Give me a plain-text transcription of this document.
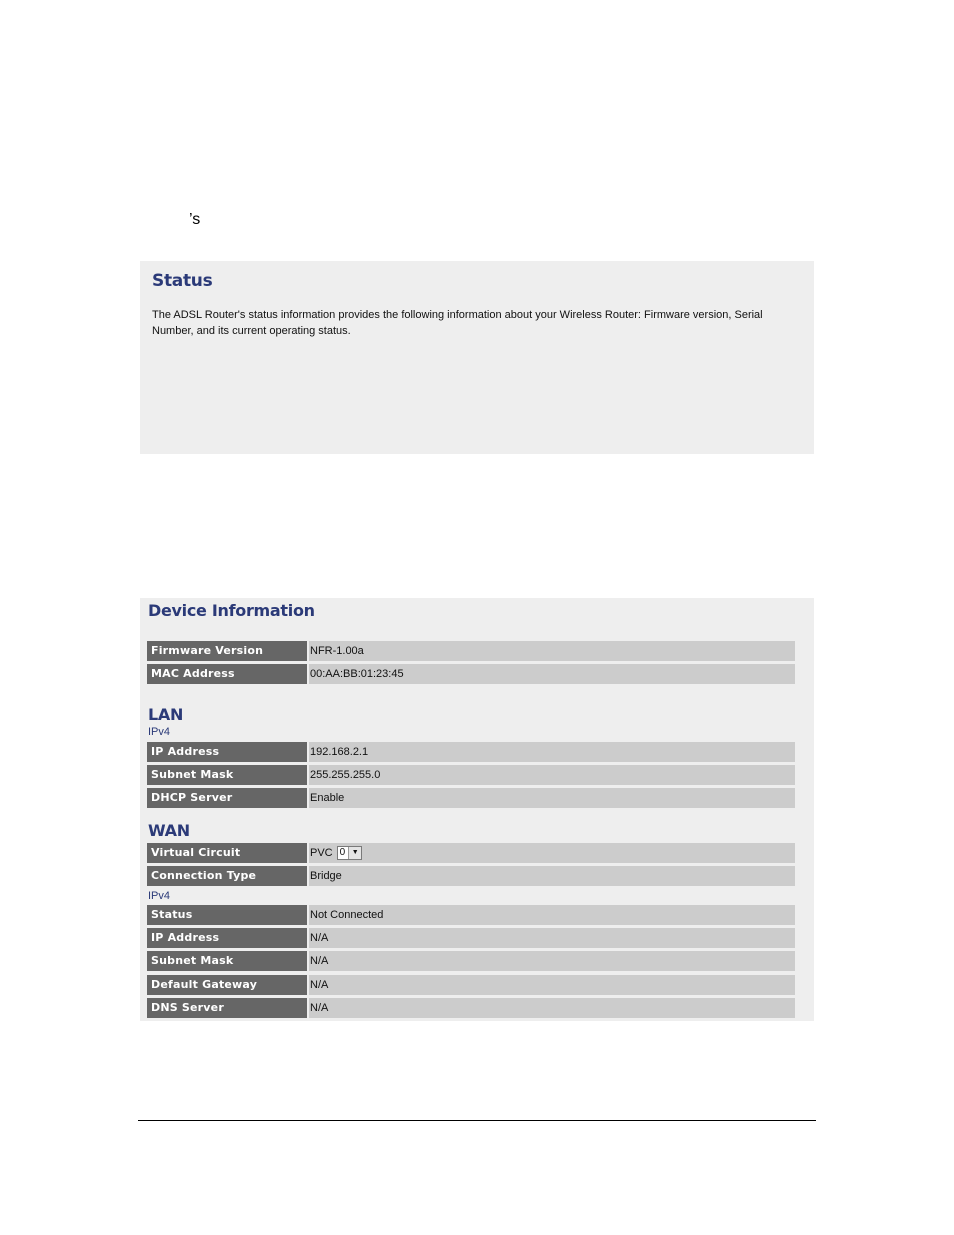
’s
Status
The ADSL Router's status information provides the following information about your Wireless Router: Firmware version, Serial Number, and its current operating status.
Device Information
Firmware Version	NFR-1.00a
MAC Address	00:AA:BB:01:23:45
LAN
IPv4
IP Address	192.168.2.1
Subnet Mask	255.255.255.0
DHCP Server	Enable
WAN
Virtual Circuit	PVC 0 ▼
Connection Type	Bridge
IPv4
Status	Not Connected
IP Address	N/A
Subnet Mask	N/A
Default Gateway	N/A
DNS Server	N/A
